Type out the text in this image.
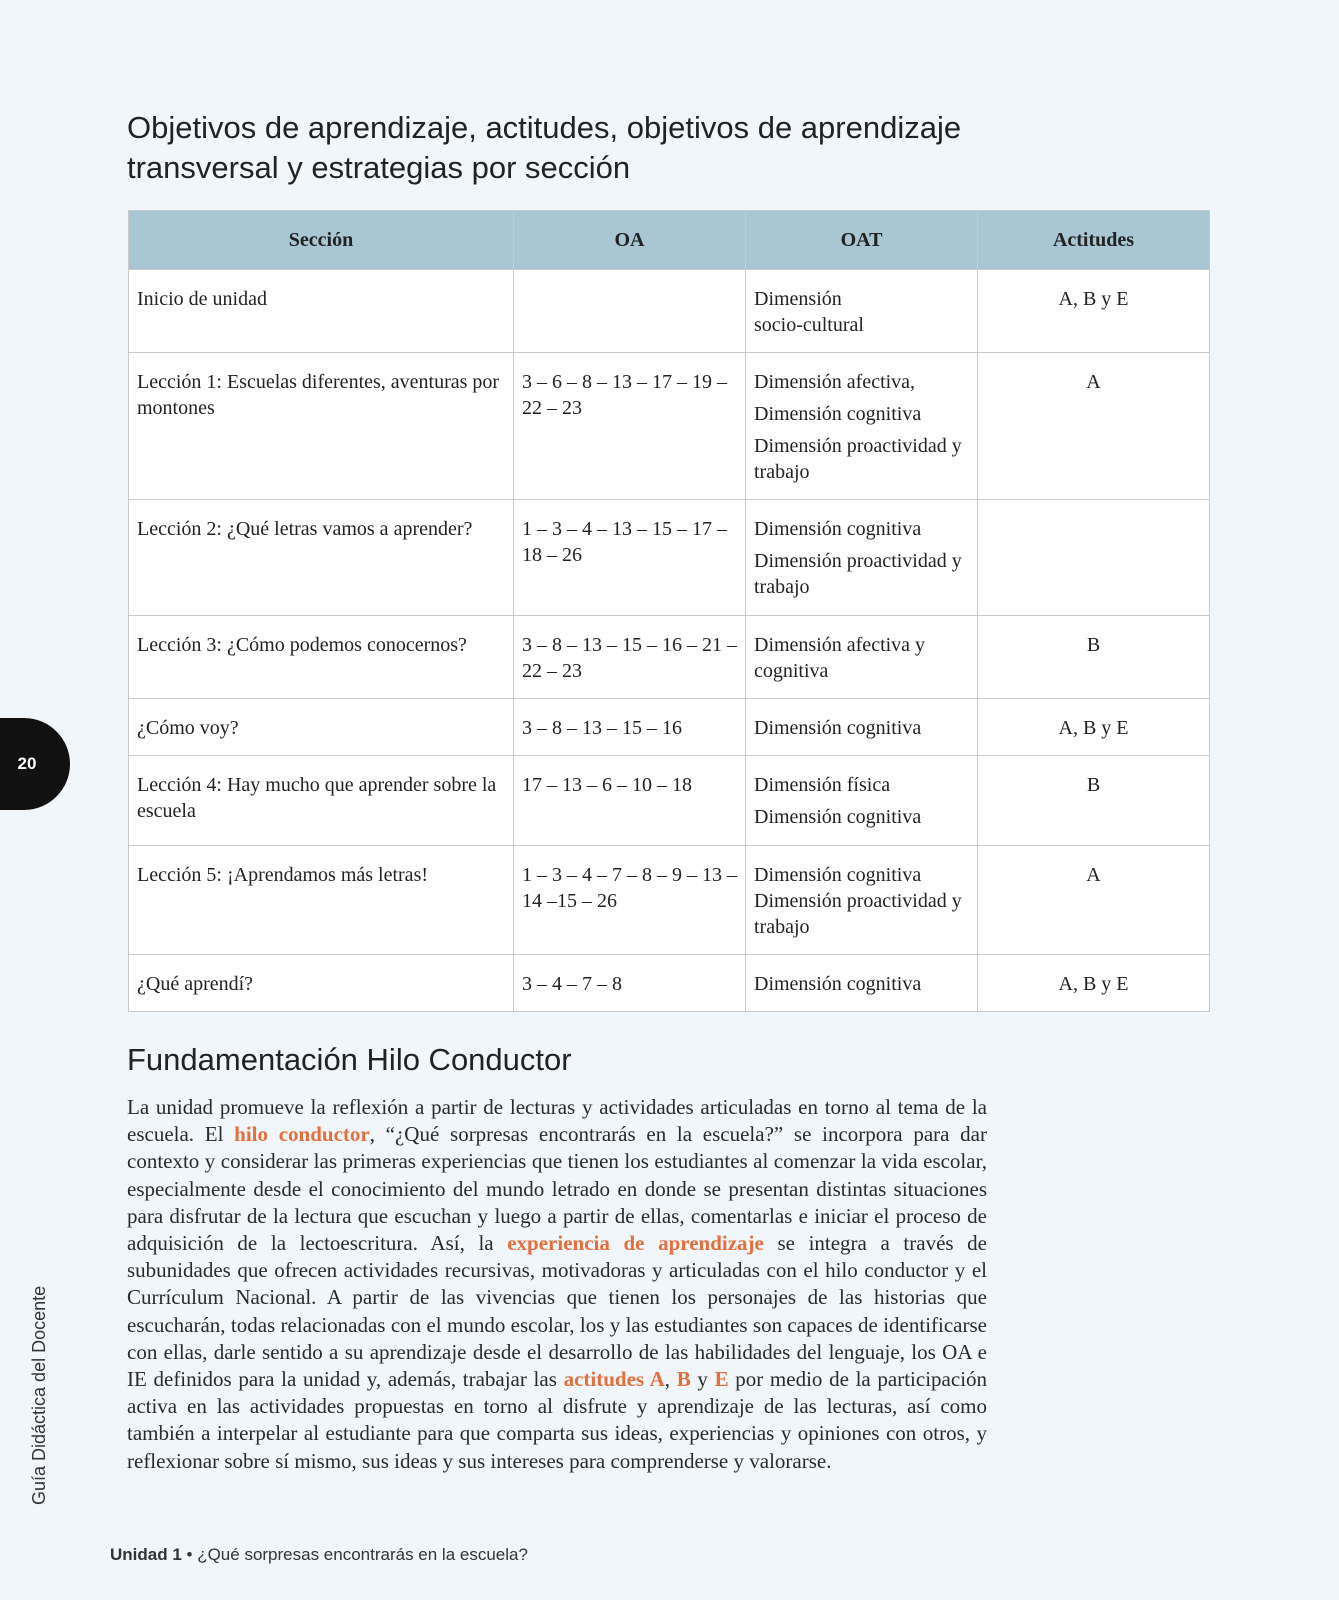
Objetivos de aprendizaje, actitudes, objetivos de aprendizaje
transversal y estrategias por sección
Sección	OA	OAT	Actitudes
Inicio de unidad		Dimensión socio-cultural	A, B y E
Lección 1: Escuelas diferentes, aventuras por montones	3 – 6 – 8 – 13 – 17 – 19 – 22 – 23	Dimensión afectiva,
Dimensión cognitiva
Dimensión proactividad y trabajo	A
Lección 2: ¿Qué letras vamos a aprender?	1 – 3 – 4 – 13 – 15 – 17 – 18 – 26	Dimensión cognitiva
Dimensión proactividad y trabajo	

Lección 3: ¿Cómo podemos conocernos?	3 – 8 – 13 – 15 – 16 – 21 – 22 – 23	Dimensión afectiva y cognitiva	B
¿Cómo voy?	3 – 8 – 13 – 15 – 16	Dimensión cognitiva	A, B y E
Lección 4: Hay mucho que aprender sobre la escuela	17 – 13 – 6 – 10 – 18	Dimensión física
Dimensión cognitiva	B
Lección 5: ¡Aprendamos más letras!	1 – 3 – 4 – 7 – 8 – 9 – 13 – 14 –15 – 26	Dimensión cognitiva
Dimensión proactividad y trabajo	A
¿Qué aprendí?	3 – 4 – 7 – 8	Dimensión cognitiva	A, B y E
Fundamentación Hilo Conductor

La unidad promueve la reflexión a partir de lecturas y actividades articuladas en torno al tema de la escuela. El hilo conductor, “¿Qué sorpresas encontrarás en la escuela?” se incorpora para dar contexto y considerar las primeras experiencias que tienen los estudiantes al comenzar la vida escolar, especialmente desde el conocimiento del mundo letrado en donde se presentan distintas situaciones para disfrutar de la lectura que escuchan y luego a partir de ellas, comentarlas e iniciar el proceso de adquisición de la lectoescritura. Así, la experiencia de aprendizaje se integra a través de subunidades que ofrecen actividades recursivas, motivadoras y articuladas con el hilo conductor y el Currículum Nacional. A partir de las vivencias que tienen los personajes de las historias que escucharán, todas relacionadas con el mundo escolar, los y las estudiantes son capaces de identificarse con ellas, darle sentido a su aprendizaje desde el desarrollo de las habilidades del lenguaje, los OA e IE definidos para la unidad y, además, trabajar las actitudes A, B y E por medio de la participación activa en las actividades propuestas en torno al disfrute y aprendizaje de las lecturas, así como también a interpelar al estudiante para que comparta sus ideas, experiencias y opiniones con otros, y reflexionar sobre sí mismo, sus ideas y sus intereses para comprenderse y valorarse.

20
Guía Didáctica del Docente
Unidad 1 • ¿Qué sorpresas encontrarás en la escuela?
